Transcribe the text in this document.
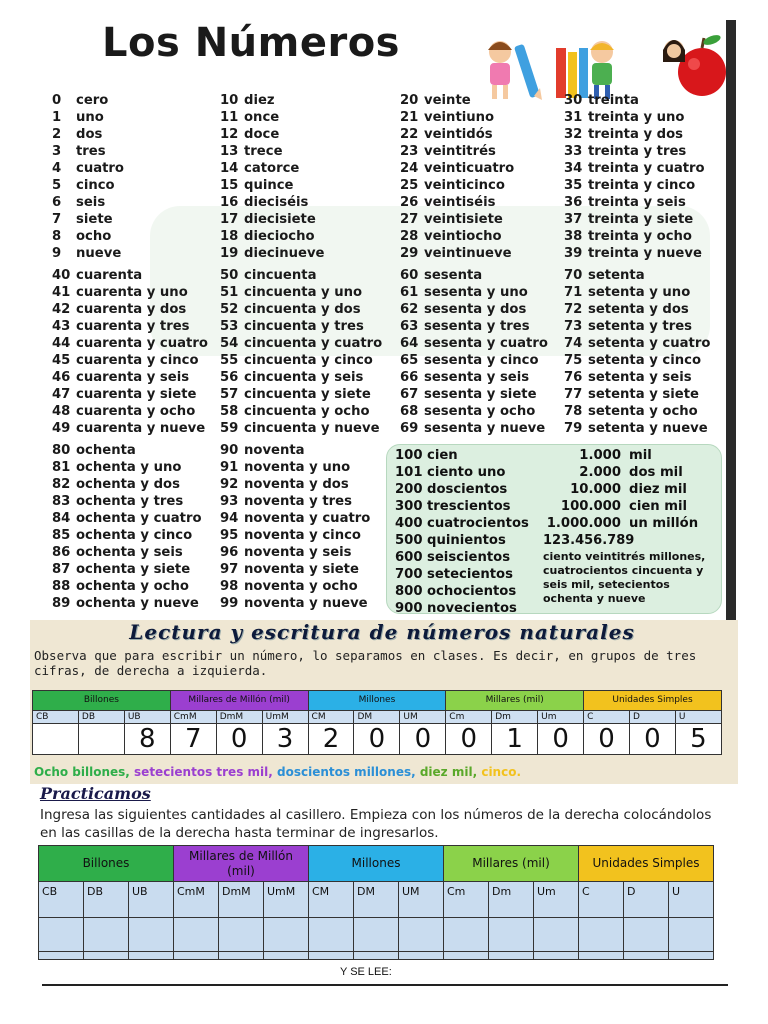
Los Números
0 cero
1 uno
2 dos
3 tres
4 cuatro
5 cinco
6 seis
7 siete
8 ocho
9 nueve
40 cuarenta
41 cuarenta y uno
42 cuarenta y dos
43 cuarenta y tres
44 cuarenta y cuatro
45 cuarenta y cinco
46 cuarenta y seis
47 cuarenta y siete
48 cuarenta y ocho
49 cuarenta y nueve
80 ochenta
81 ochenta y uno
82 ochenta y dos
83 ochenta y tres
84 ochenta y cuatro
85 ochenta y cinco
86 ochenta y seis
87 ochenta y siete
88 ochenta y ocho
89 ochenta y nueve
10 diez
11 once
12 doce
13 trece
14 catorce
15 quince
16 dieciséis
17 diecisiete
18 dieciocho
19 diecinueve
50 cincuenta
51 cincuenta y uno
52 cincuenta y dos
53 cincuenta y tres
54 cincuenta y cuatro
55 cincuenta y cinco
56 cincuenta y seis
57 cincuenta y siete
58 cincuenta y ocho
59 cincuenta y nueve
90 noventa
91 noventa y uno
92 noventa y dos
93 noventa y tres
94 noventa y cuatro
95 noventa y cinco
96 noventa y seis
97 noventa y siete
98 noventa y ocho
99 noventa y nueve
20 veinte
21 veintiuno
22 veintidós
23 veintitrés
24 veinticuatro
25 veinticinco
26 veintiséis
27 veintisiete
28 veintiocho
29 veintinueve
60 sesenta
61 sesenta y uno
62 sesenta y dos
63 sesenta y tres
64 sesenta y cuatro
65 sesenta y cinco
66 sesenta y seis
67 sesenta y siete
68 sesenta y ocho
69 sesenta y nueve
30 treinta
31 treinta y uno
32 treinta y dos
33 treinta y tres
34 treinta y cuatro
35 treinta y cinco
36 treinta y seis
37 treinta y siete
38 treinta y ocho
39 treinta y nueve
70 setenta
71 setenta y uno
72 setenta y dos
73 setenta y tres
74 setenta y cuatro
75 setenta y cinco
76 setenta y seis
77 setenta y siete
78 setenta y ocho
79 setenta y nueve
100 cien
101 ciento uno
200 doscientos
300 trescientos
400 cuatrocientos
500 quinientos
600 seiscientos
700 setecientos
800 ochocientos
900 novecientos
1.000 mil
2.000 dos mil
10.000 diez mil
100.000 cien mil
1.000.000 un millón
123.456.789
ciento veintitrés millones, cuatrocientos cincuenta y seis mil, setecientos ochenta y nueve
Lectura y escritura de números naturales
Observa que para escribir un número, lo separamos en clases. Es decir, en grupos de tres cifras, de derecha a izquierda.
Billones			Millares de Millón (mil)			Millones			Millares (mil)			Unidades Simples		
CB	DB	UB	CmM	DmM	UmM	CM	DM	UM	Cm	Dm	Um	C	D	U
		8	7	0	3	2	0	0	0	1	0	0	0	5
Ocho billones, setecientos tres mil, doscientos millones, diez mil, cinco.
Practicamos
Ingresa las siguientes cantidades al casillero. Empieza con los números de la derecha colocándolos en las casillas de la derecha hasta terminar de ingresarlos.
Billones			Millares de Millón (mil)			Millones			Millares (mil)			Unidades Simples		
CB	DB	UB	CmM	DmM	UmM	CM	DM	UM	Cm	Dm	Um	C	D	U

Y SE LEE:
